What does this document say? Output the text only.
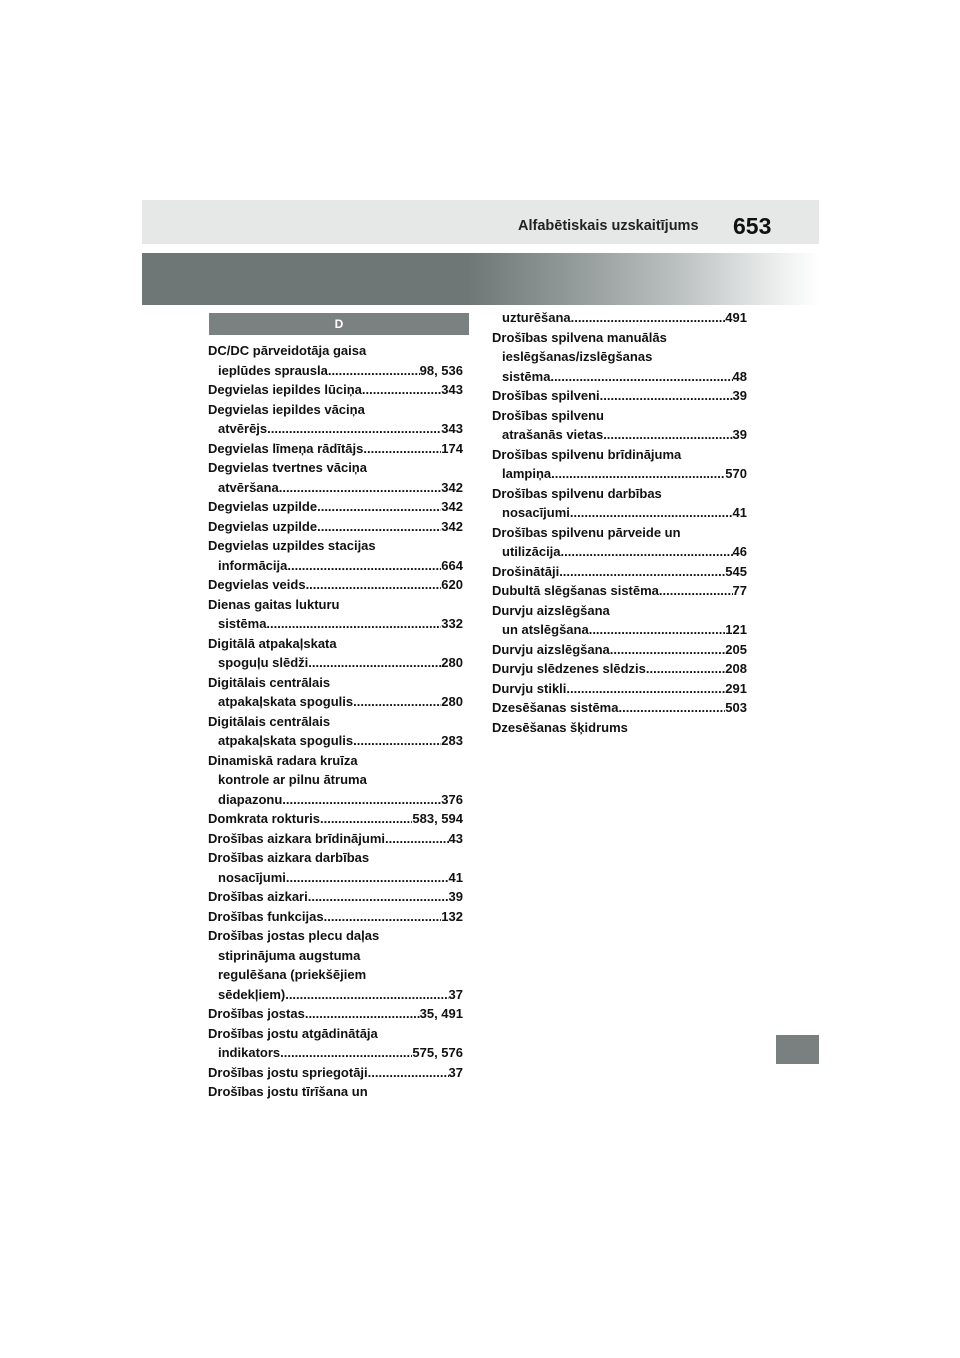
Alfabētiskais uzskaitījums 653
D
DC/DC pārveidotāja gaisa
ieplūdes sprausla .....	98, 536
Degvielas iepildes lūciņa .....	343
Degvielas iepildes vāciņa
atvērējs .....	343
Degvielas līmeņa rādītājs .....	174
Degvielas tvertnes vāciņa
atvēršana .....	342
Degvielas uzpilde .....	342
Degvielas uzpilde .....	342
Degvielas uzpildes stacijas
informācija .....	664
Degvielas veids .....	620
Dienas gaitas lukturu
sistēma .....	332
Digitālā atpakaļskata
spoguļu slēdži .....	280
Digitālais centrālais
atpakaļskata spogulis .....	280
Digitālais centrālais
atpakaļskata spogulis .....	283
Dinamiskā radara kruīza
kontrole ar pilnu ātruma
diapazonu .....	376
Domkrata rokturis .....	583, 594
Drošības aizkara brīdinājumi .....	43
Drošības aizkara darbības
nosacījumi .....	41
Drošības aizkari .....	39
Drošības funkcijas .....	132
Drošības jostas plecu daļas
stiprinājuma augstuma
regulēšana (priekšējiem
sēdekļiem) .....	37
Drošības jostas .....	35, 491
Drošības jostu atgādinātāja
indikators .....	575, 576
Drošības jostu spriegotāji .....	37
Drošības jostu tīrīšana un
uzturēšana .....	491
Drošības spilvena manuālās
ieslēgšanas/izslēgšanas
sistēma .....	48
Drošības spilveni .....	39
Drošības spilvenu
atrašanās vietas .....	39
Drošības spilvenu brīdinājuma
lampiņa .....	570
Drošības spilvenu darbības
nosacījumi .....	41
Drošības spilvenu pārveide un
utilizācija .....	46
Drošinātāji .....	545
Dubultā slēgšanas sistēma .....	77
Durvju aizslēgšana
un atslēgšana .....	121
Durvju aizslēgšana .....	205
Durvju slēdzenes slēdzis .....	208
Durvju stikli .....	291
Dzesēšanas sistēma .....	503
Dzesēšanas šķidrums
